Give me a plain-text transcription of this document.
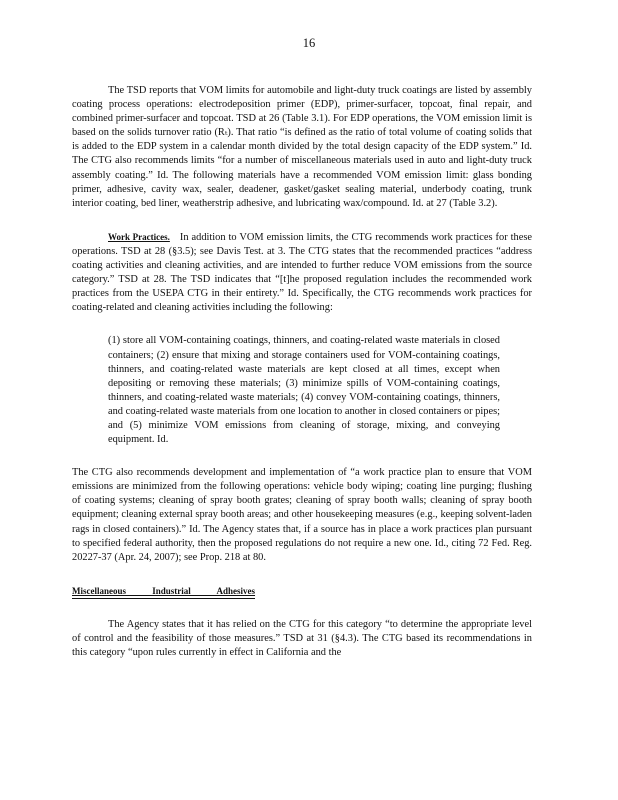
16

The TSD reports that VOM limits for automobile and light-duty truck coatings are listed by assembly coating process operations: electrodeposition primer (EDP), primer-surfacer, topcoat, final repair, and combined primer-surfacer and topcoat. TSD at 26 (Table 3.1). For EDP operations, the VOM emission limit is based on the solids turnover ratio (Rₜ). That ratio “is defined as the ratio of total volume of coating solids that is added to the EDP system in a calendar month divided by the total design capacity of the EDP system.” Id. The CTG also recommends limits “for a number of miscellaneous materials used in auto and light-duty truck assembly coating.” Id. The following materials have a recommended VOM emission limit: glass bonding primer, adhesive, cavity wax, sealer, deadener, gasket/gasket sealing material, underbody coating, trunk interior coating, bed liner, weatherstrip adhesive, and lubricating wax/compound. Id. at 27 (Table 3.2).

Work Practices. In addition to VOM emission limits, the CTG recommends work practices for these operations. TSD at 28 (§3.5); see Davis Test. at 3. The CTG states that the recommended practices “address coating activities and cleaning activities, and are intended to further reduce VOM emissions from the source category.” TSD at 28. The TSD indicates that “[t]he proposed regulation includes the recommended work practices from the USEPA CTG in their entirety.” Id. Specifically, the CTG recommends work practices for coating-related and cleaning activities including the following:

(1) store all VOM-containing coatings, thinners, and coating-related waste materials in closed containers; (2) ensure that mixing and storage containers used for VOM-containing coatings, thinners, and coating-related waste materials are kept closed at all times, except when depositing or removing these materials; (3) minimize spills of VOM-containing coatings, thinners, and coating-related waste materials; (4) convey VOM-containing coatings, thinners, and coating-related waste materials from one location to another in closed containers or pipes; and (5) minimize VOM emissions from cleaning of storage, mixing, and conveying equipment. Id.

The CTG also recommends development and implementation of “a work practice plan to ensure that VOM emissions are minimized from the following operations: vehicle body wiping; coating line purging; flushing of coating systems; cleaning of spray booth grates; cleaning of spray booth walls; cleaning of spray booth equipment; cleaning external spray booth areas; and other housekeeping measures (e.g., keeping solvent-laden rags in closed containers).” Id. The Agency states that, if a source has in place a work practices plan pursuant to specified federal authority, then the proposed regulations do not require a new one. Id., citing 72 Fed. Reg. 20227-37 (Apr. 24, 2007); see Prop. 218 at 80.

Miscellaneous Industrial Adhesives

The Agency states that it has relied on the CTG for this category “to determine the appropriate level of control and the feasibility of those measures.” TSD at 31 (§4.3). The CTG based its recommendations in this category “upon rules currently in effect in California and the
